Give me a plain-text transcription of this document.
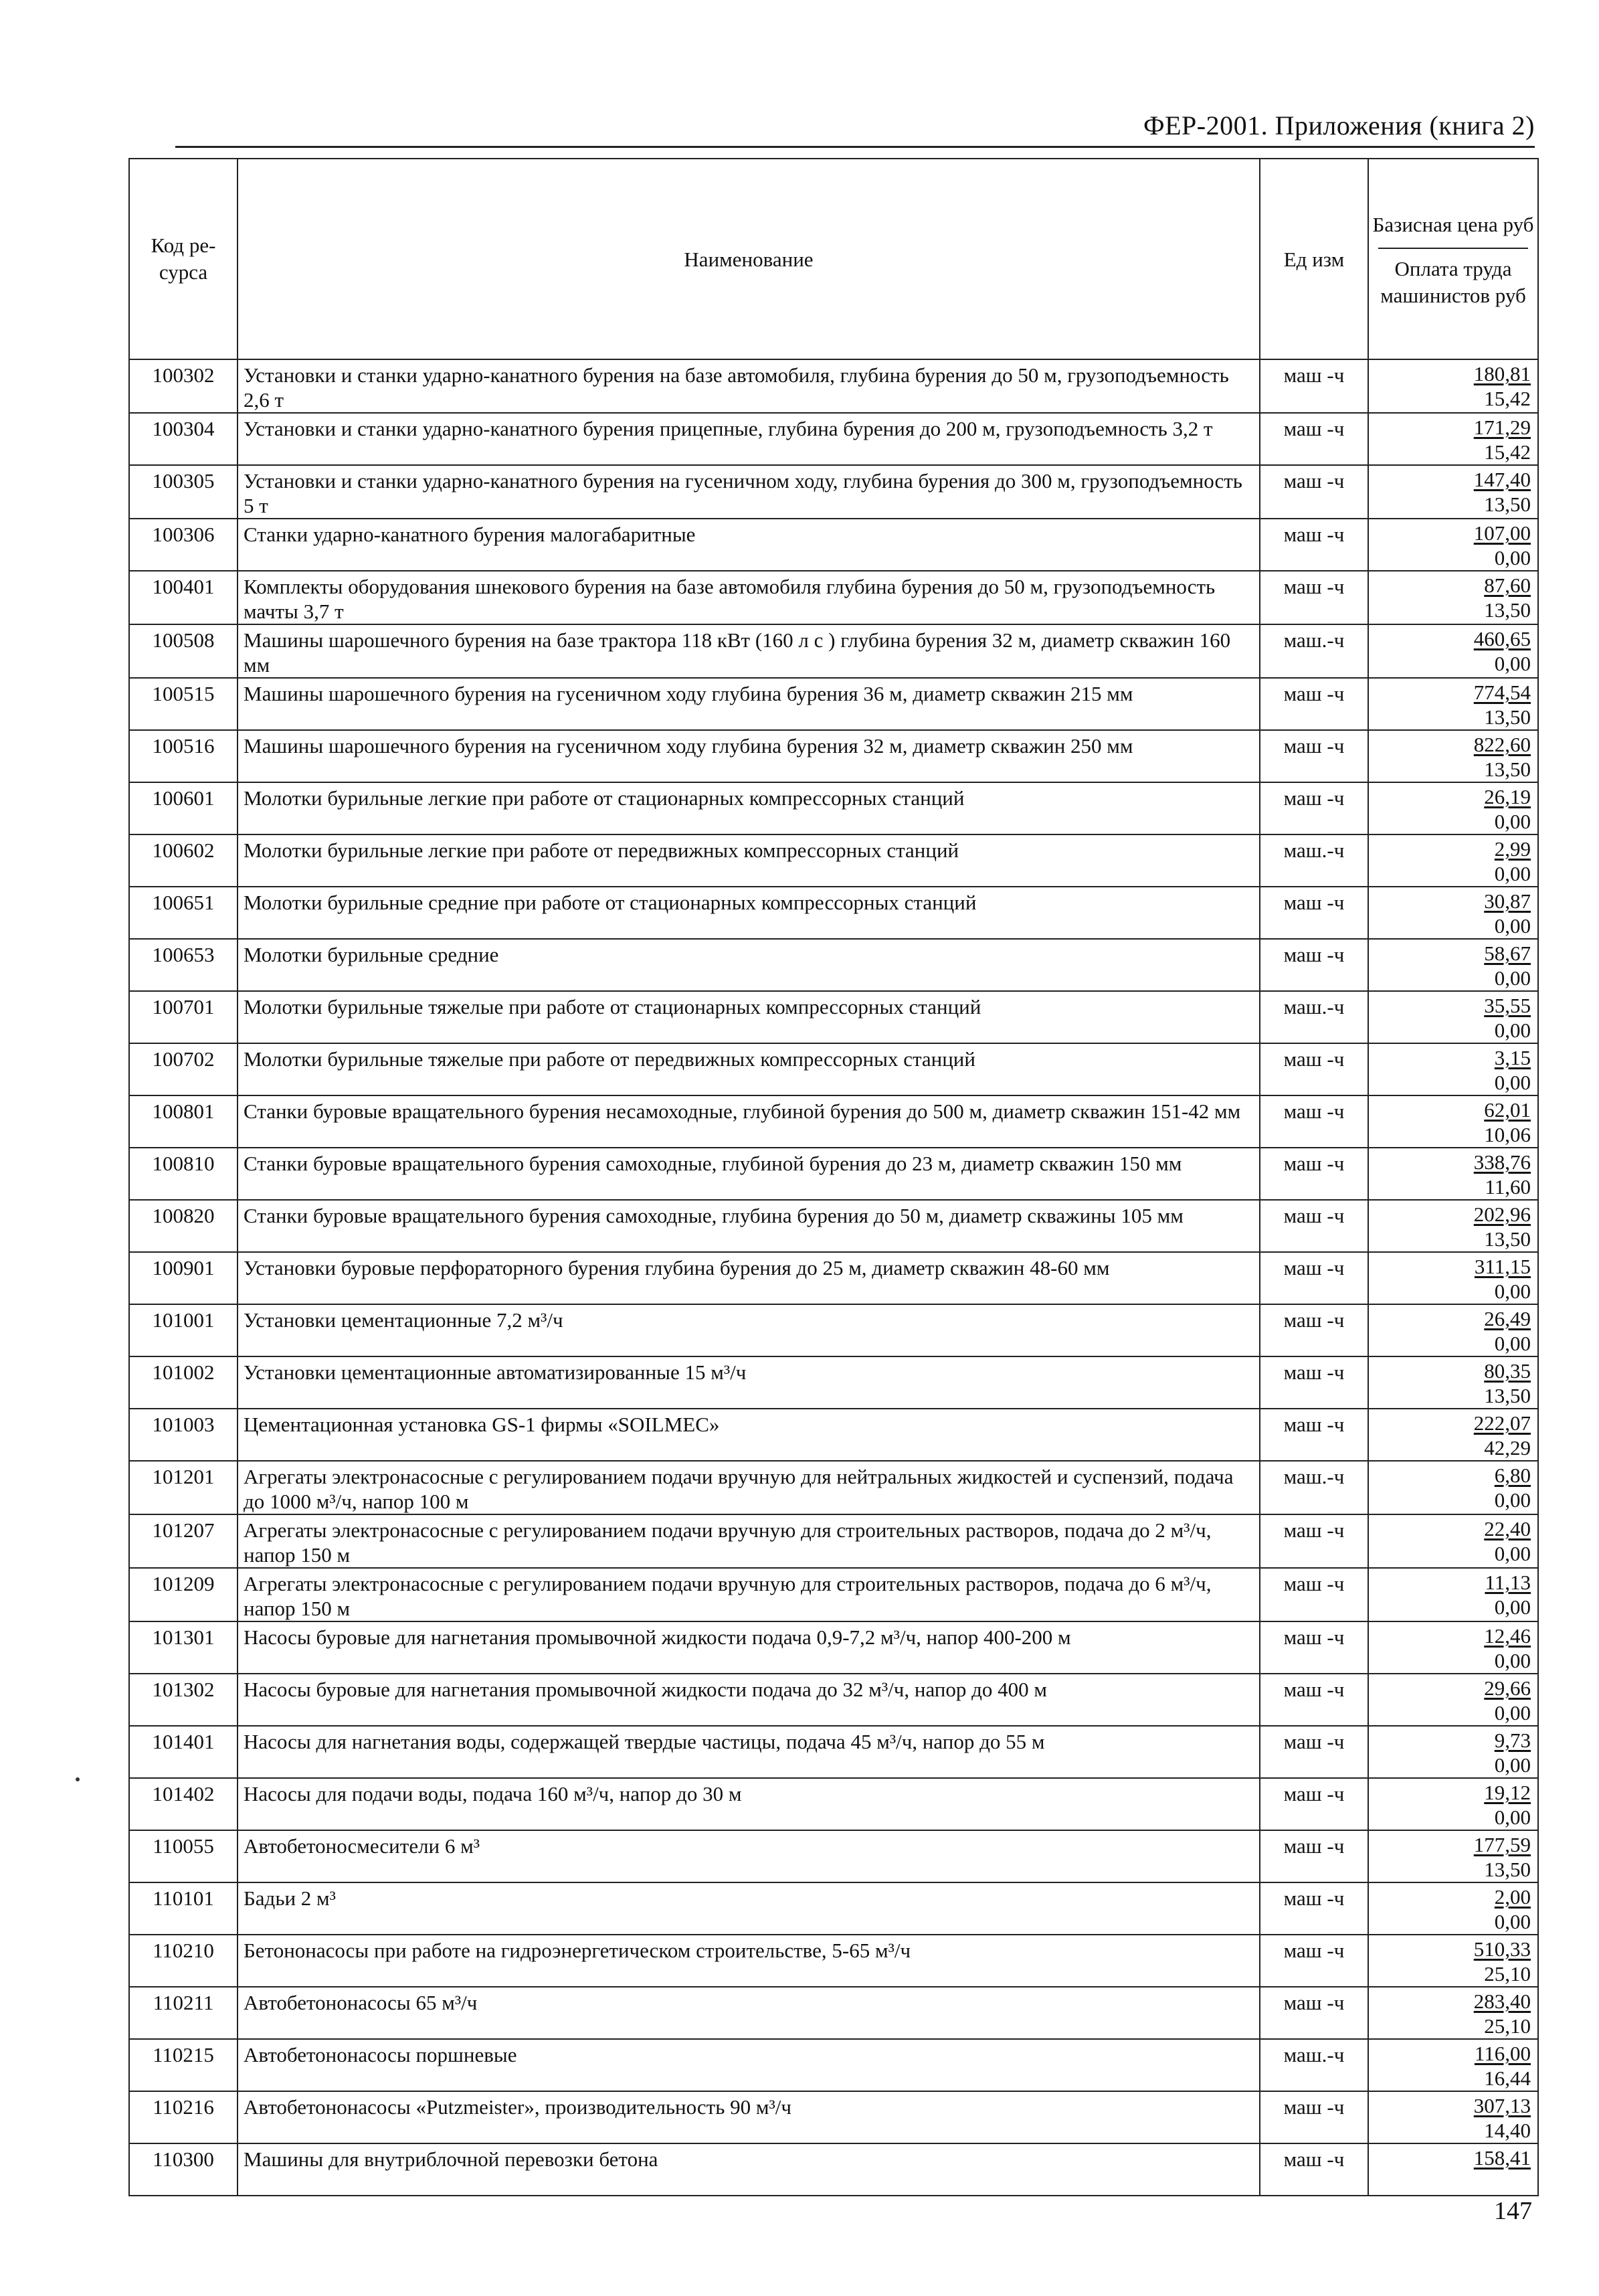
ФЕР-2001. Приложения (книга 2)
Код ре- сурса	Наименование	Ед изм	Базисная цена руб
Оплата труда машинистов руб

100302	Установки и станки ударно-канатного бурения на базе автомобиля, глубина бурения до 50 м, грузоподъемность 2,6 т	маш -ч	180,81
15,42

100304	Установки и станки ударно-канатного бурения прицепные, глубина бурения до 200 м, грузоподъемность 3,2 т	маш -ч	171,29
15,42

100305	Установки и станки ударно-канатного бурения на гусеничном ходу, глубина бурения до 300 м, грузоподъемность 5 т	маш -ч	147,40
13,50

100306	Станки ударно-канатного бурения малогабаритные	маш -ч	107,00
0,00

100401	Комплекты оборудования шнекового бурения на базе автомобиля глубина бурения до 50 м, грузоподъемность мачты 3,7 т	маш -ч	87,60
13,50

100508	Машины шарошечного бурения на базе трактора 118 кВт (160 л с ) глубина бурения 32 м, диаметр скважин 160 мм	маш.-ч	460,65
0,00

100515	Машины шарошечного бурения на гусеничном ходу глубина бурения 36 м, диаметр скважин 215 мм	маш -ч	774,54
13,50

100516	Машины шарошечного бурения на гусеничном ходу глубина бурения 32 м, диаметр скважин 250 мм	маш -ч	822,60
13,50

100601	Молотки бурильные легкие при работе от стационарных компрессорных станций	маш -ч	26,19
0,00

100602	Молотки бурильные легкие при работе от передвижных компрессорных станций	маш.-ч	2,99
0,00

100651	Молотки бурильные средние при работе от стационарных компрессорных станций	маш -ч	30,87
0,00

100653	Молотки бурильные средние	маш -ч	58,67
0,00

100701	Молотки бурильные тяжелые при работе от стационарных компрессорных станций	маш.-ч	35,55
0,00

100702	Молотки бурильные тяжелые при работе от передвижных компрессорных станций	маш -ч	3,15
0,00

100801	Станки буровые вращательного бурения несамоходные, глубиной бурения до 500 м, диаметр скважин 151-42 мм	маш -ч	62,01
10,06

100810	Станки буровые вращательного бурения самоходные, глубиной бурения до 23 м, диаметр скважин 150 мм	маш -ч	338,76
11,60

100820	Станки буровые вращательного бурения самоходные, глубина бурения до 50 м, диаметр скважины 105 мм	маш -ч	202,96
13,50

100901	Установки буровые перфораторного бурения глубина бурения до 25 м, диаметр скважин 48-60 мм	маш -ч	311,15
0,00

101001	Установки цементационные 7,2 м³/ч	маш -ч	26,49
0,00

101002	Установки цементационные автоматизированные 15 м³/ч	маш -ч	80,35
13,50

101003	Цементационная установка GS-1 фирмы «SOILMEC»	маш -ч	222,07
42,29

101201	Агрегаты электронасосные с регулированием подачи вручную для нейтральных жидкостей и суспензий, подача до 1000 м³/ч, напор 100 м	маш.-ч	6,80
0,00

101207	Агрегаты электронасосные с регулированием подачи вручную для строительных растворов, подача до 2 м³/ч, напор 150 м	маш -ч	22,40
0,00

101209	Агрегаты электронасосные с регулированием подачи вручную для строительных растворов, подача до 6 м³/ч, напор 150 м	маш -ч	11,13
0,00

101301	Насосы буровые для нагнетания промывочной жидкости подача 0,9-7,2 м³/ч, напор 400-200 м	маш -ч	12,46
0,00

101302	Насосы буровые для нагнетания промывочной жидкости подача до 32 м³/ч, напор до 400 м	маш -ч	29,66
0,00

101401	Насосы для нагнетания воды, содержащей твердые частицы, подача 45 м³/ч, напор до 55 м	маш -ч	9,73
0,00

101402	Насосы для подачи воды, подача 160 м³/ч, напор до 30 м	маш -ч	19,12
0,00

110055	Автобетоносмесители 6 м³	маш -ч	177,59
13,50

110101	Бадьи 2 м³	маш -ч	2,00
0,00

110210	Бетононасосы при работе на гидроэнергетическом строительстве, 5-65 м³/ч	маш -ч	510,33
25,10

110211	Автобетононасосы 65 м³/ч	маш -ч	283,40
25,10

110215	Автобетононасосы поршневые	маш.-ч	116,00
16,44

110216	Автобетононасосы «Putzmeister», производительность 90 м³/ч	маш -ч	307,13
14,40

110300	Машины для внутриблочной перевозки бетона	маш -ч	158,41
147
